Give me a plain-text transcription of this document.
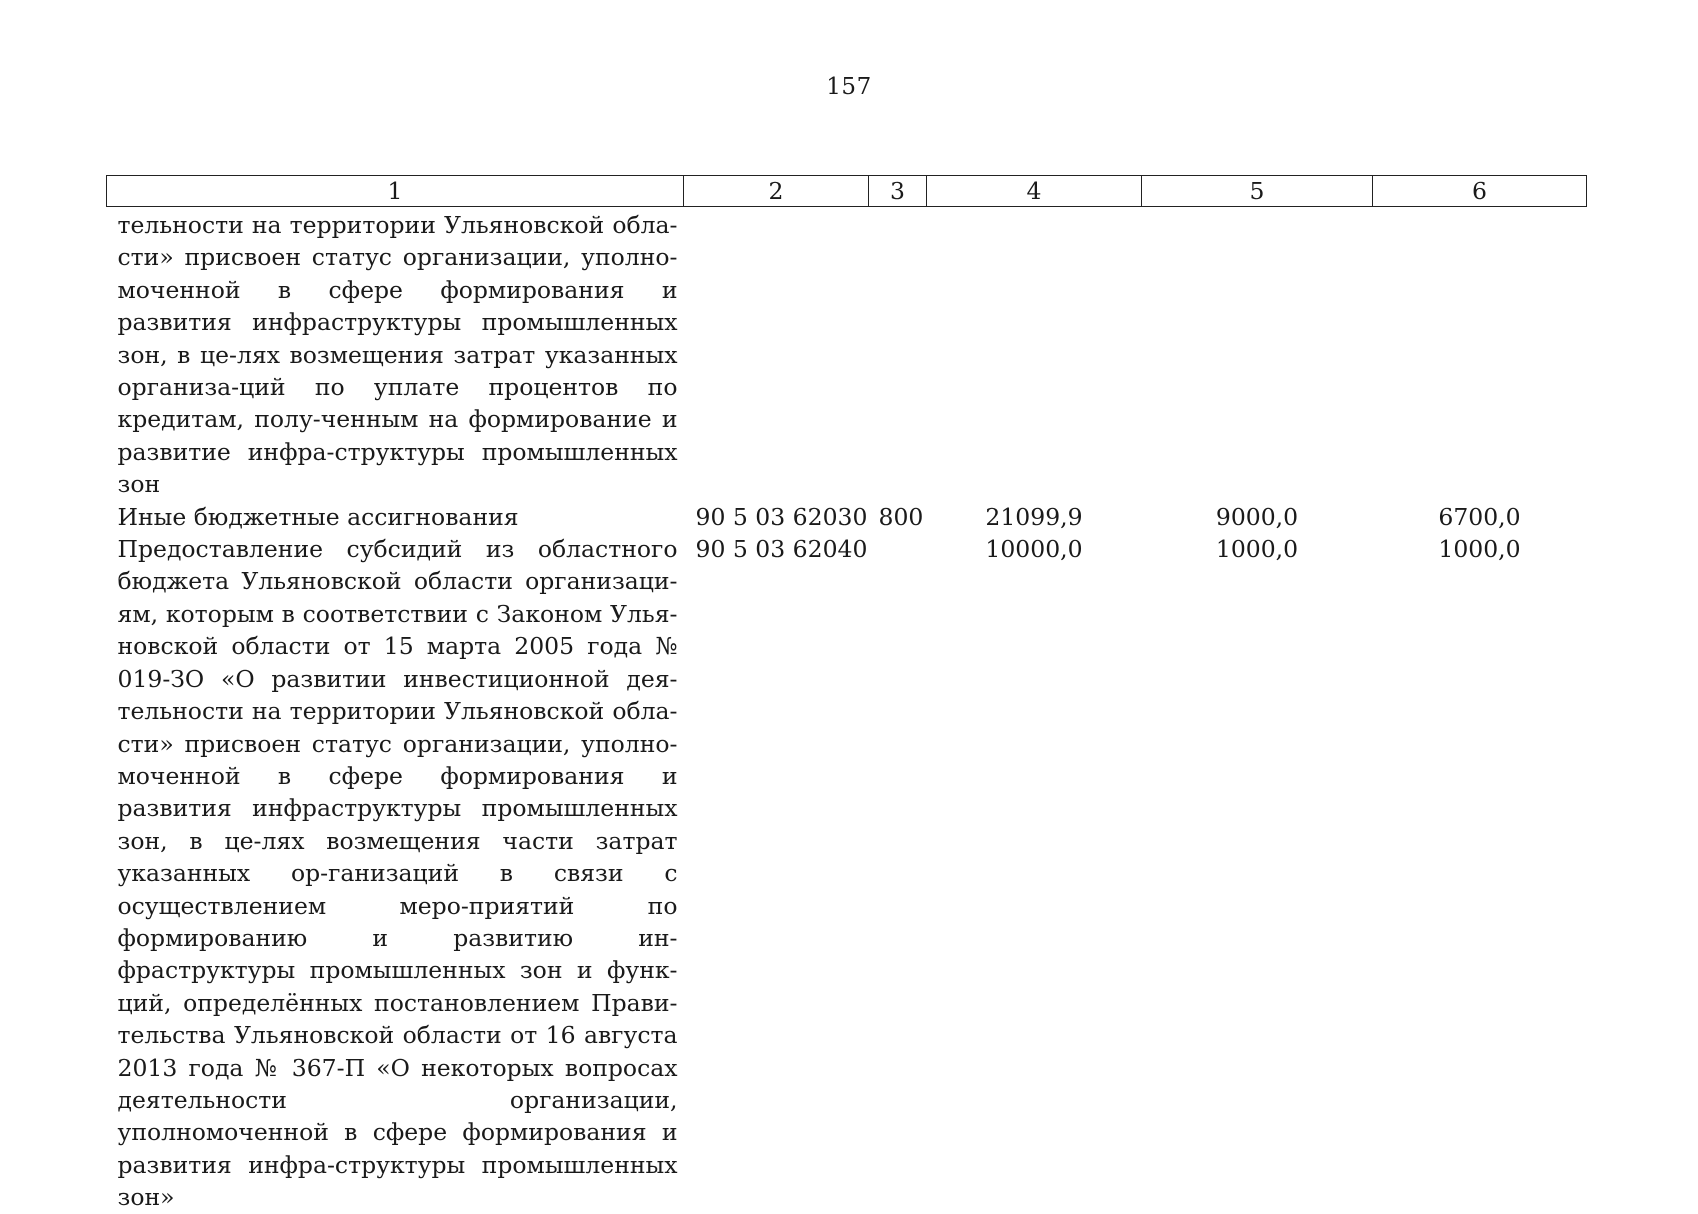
157
1	2	3	4	5	6
тельности на территории Ульяновской обла-сти» присвоен статус организации, уполно-моченной в сфере формирования и развития инфраструктуры промышленных зон, в це-лях возмещения затрат указанных организа-ций по уплате процентов по кредитам, полу-ченным на формирование и развитие инфра-структуры промышленных зон					
Иные бюджетные ассигнования	90 5 03 62030	800	21099,9	9000,0	6700,0
Предоставление субсидий из областного бюджета Ульяновской области организаци-ям, которым в соответствии с Законом Улья-новской области от 15 марта 2005 года № 019-ЗО «О развитии инвестиционной дея-тельности на территории Ульяновской обла-сти» присвоен статус организации, уполно-моченной в сфере формирования и развития инфраструктуры промышленных зон, в це-лях возмещения части затрат указанных ор-ганизаций в связи с осуществлением меро-приятий по формированию и развитию ин-фраструктуры промышленных зон и функ-ций, определённых постановлением Прави-тельства Ульяновской области от 16 августа 2013 года № 367-П «О некоторых вопросах деятельности организации, уполномоченной в сфере формирования и развития инфра-структуры промышленных зон»	90 5 03 62040		10000,0	1000,0	1000,0
